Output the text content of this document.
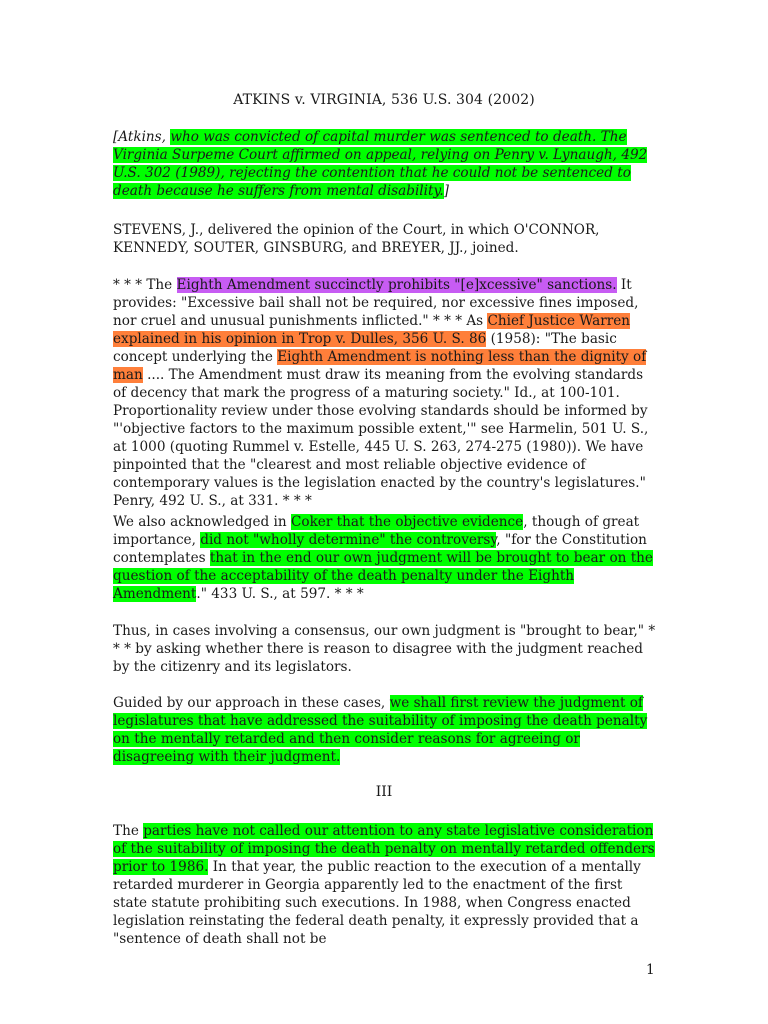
ATKINS v. VIRGINIA, 536 U.S. 304 (2002)
[Atkins, who was convicted of capital murder was sentenced to death. The Virginia Surpeme Court affirmed on appeal, relying on Penry v. Lynaugh, 492 U.S. 302 (1989), rejecting the contention that he could not be sentenced to death because he suffers from mental disability.]
STEVENS, J., delivered the opinion of the Court, in which O'CONNOR, KENNEDY, SOUTER, GINSBURG, and BREYER, JJ., joined.
* * * The Eighth Amendment succinctly prohibits "[e]xcessive" sanctions. It provides: "Excessive bail shall not be required, nor excessive fines imposed, nor cruel and unusual punishments inflicted." * * * As Chief Justice Warren explained in his opinion in Trop v. Dulles, 356 U. S. 86 (1958): "The basic concept underlying the Eighth Amendment is nothing less than the dignity of man .... The Amendment must draw its meaning from the evolving standards of decency that mark the progress of a maturing society." Id., at 100-101. Proportionality review under those evolving standards should be informed by "'objective factors to the maximum possible extent,'" see Harmelin, 501 U. S., at 1000 (quoting Rummel v. Estelle, 445 U. S. 263, 274-275 (1980)). We have pinpointed that the "clearest and most reliable objective evidence of contemporary values is the legislation enacted by the country's legislatures." Penry, 492 U. S., at 331. * * *
We also acknowledged in Coker that the objective evidence, though of great importance, did not "wholly determine" the controversy, "for the Constitution contemplates that in the end our own judgment will be brought to bear on the question of the acceptability of the death penalty under the Eighth Amendment." 433 U. S., at 597. * * *
Thus, in cases involving a consensus, our own judgment is "brought to bear," * * * by asking whether there is reason to disagree with the judgment reached by the citizenry and its legislators.
Guided by our approach in these cases, we shall first review the judgment of legislatures that have addressed the suitability of imposing the death penalty on the mentally retarded and then consider reasons for agreeing or disagreeing with their judgment.
III
The parties have not called our attention to any state legislative consideration of the suitability of imposing the death penalty on mentally retarded offenders prior to 1986. In that year, the public reaction to the execution of a mentally retarded murderer in Georgia apparently led to the enactment of the first state statute prohibiting such executions. In 1988, when Congress enacted legislation reinstating the federal death penalty, it expressly provided that a "sentence of death shall not be
1
